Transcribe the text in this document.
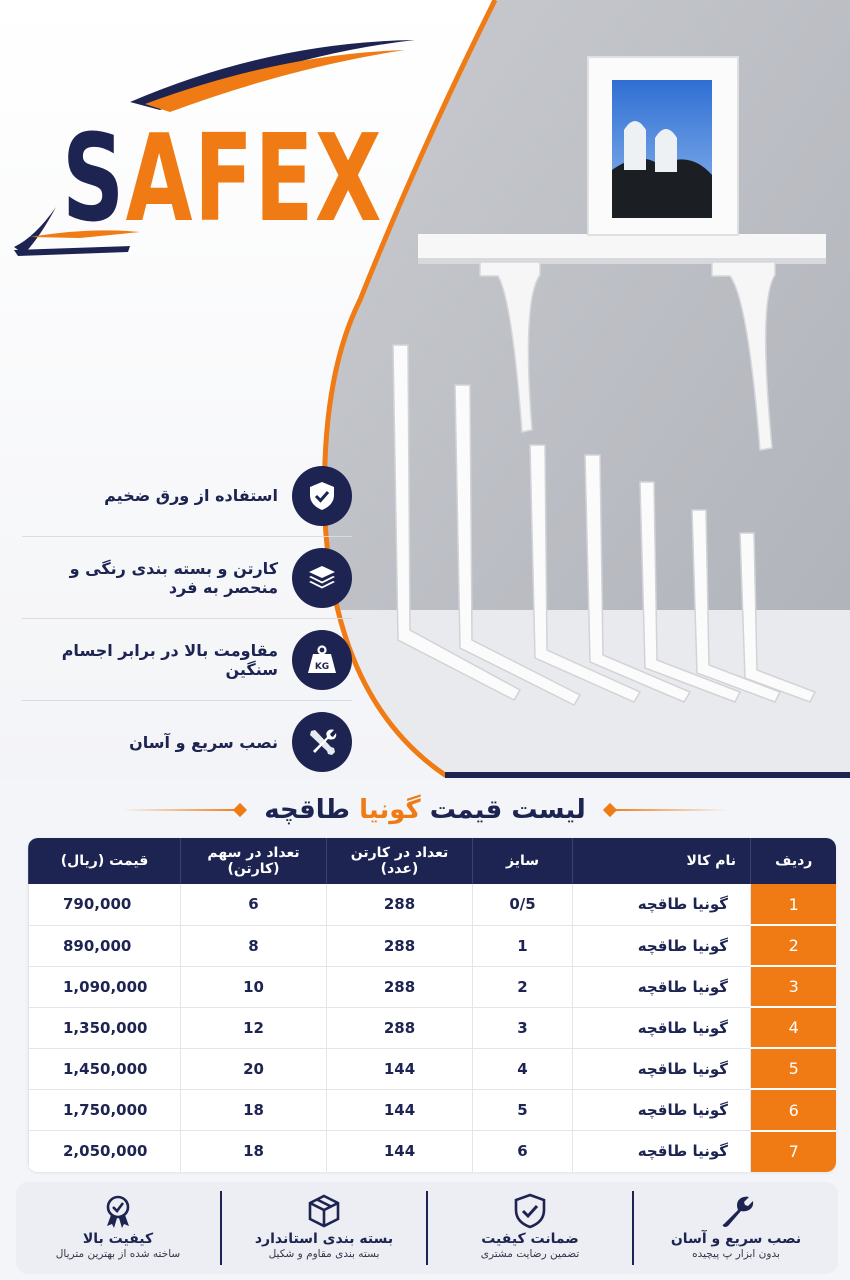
SAFEX
استفاده از ورق ضخیم
کارتن و بسته بندی رنگی و منحصر به فرد
KG
مقاومت بالا در برابر اجسام سنگین
نصب سریع و آسان
لیست قیمت گونیا طاقچه
ردیف	نام کالا	سایز	تعداد در کارتن (عدد)	تعداد در سهم (کارتن)	قیمت (ریال)
1	گونیا طاقچه	0/5	288	6	790,000
2	گونیا طاقچه	1	288	8	890,000
3	گونیا طاقچه	2	288	10	1,090,000
4	گونیا طاقچه	3	288	12	1,350,000
5	گونیا طاقچه	4	144	20	1,450,000
6	گونیا طاقچه	5	144	18	1,750,000
7	گونیا طاقچه	6	144	18	2,050,000
نصب سریع و آسان
بدون ابزار پ پیچیده
ضمانت کیفیت
تضمین رضایت مشتری
بسته بندی استاندارد
بسته بندی مقاوم و شکیل
کیفیت بالا
ساخته شده از بهترین متریال
